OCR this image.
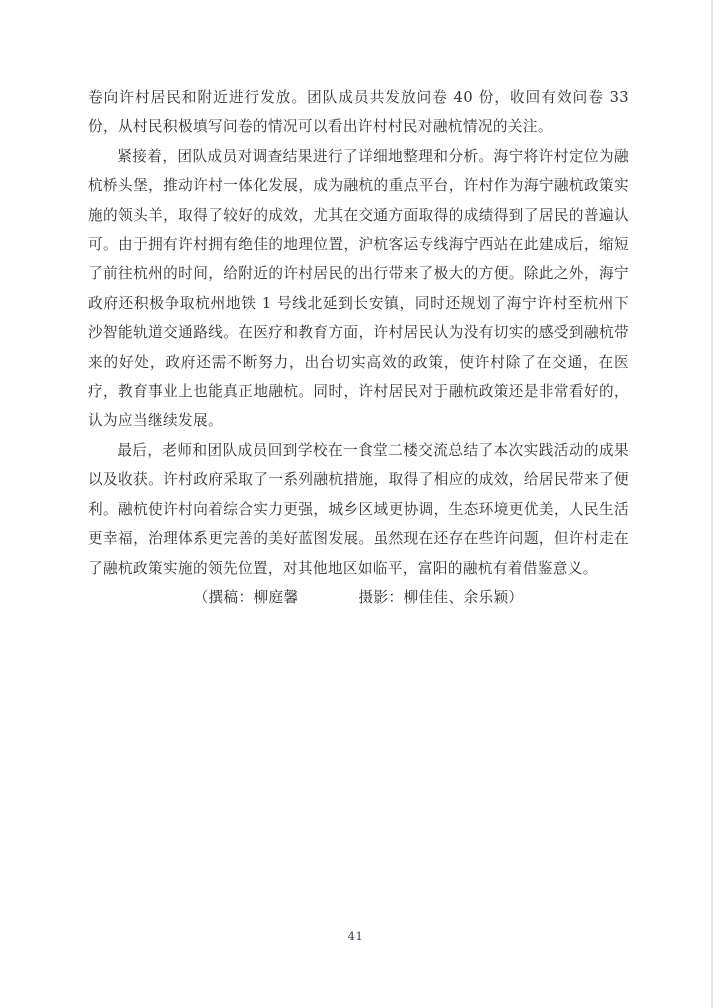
卷向许村居民和附近进行发放。团队成员共发放问卷 40 份，收回有效问卷 33 份，从村民积极填写问卷的情况可以看出许村村民对融杭情况的关注。

紧接着，团队成员对调查结果进行了详细地整理和分析。海宁将许村定位为融杭桥头堡，推动许村一体化发展，成为融杭的重点平台，许村作为海宁融杭政策实施的领头羊，取得了较好的成效，尤其在交通方面取得的成绩得到了居民的普遍认可。由于拥有许村拥有绝佳的地理位置，沪杭客运专线海宁西站在此建成后，缩短了前往杭州的时间，给附近的许村居民的出行带来了极大的方便。除此之外，海宁政府还积极争取杭州地铁 1 号线北延到长安镇，同时还规划了海宁许村至杭州下沙智能轨道交通路线。在医疗和教育方面，许村居民认为没有切实的感受到融杭带来的好处，政府还需不断努力，出台切实高效的政策，使许村除了在交通，在医疗，教育事业上也能真正地融杭。同时，许村居民对于融杭政策还是非常看好的，认为应当继续发展。

最后，老师和团队成员回到学校在一食堂二楼交流总结了本次实践活动的成果以及收获。许村政府采取了一系列融杭措施，取得了相应的成效，给居民带来了便利。融杭使许村向着综合实力更强，城乡区域更协调，生态环境更优美，人民生活更幸福，治理体系更完善的美好蓝图发展。虽然现在还存在些许问题，但许村走在了融杭政策实施的领先位置，对其他地区如临平，富阳的融杭有着借鉴意义。

（撰稿：柳庭馨　　　　摄影：柳佳佳、余乐颖）

41
